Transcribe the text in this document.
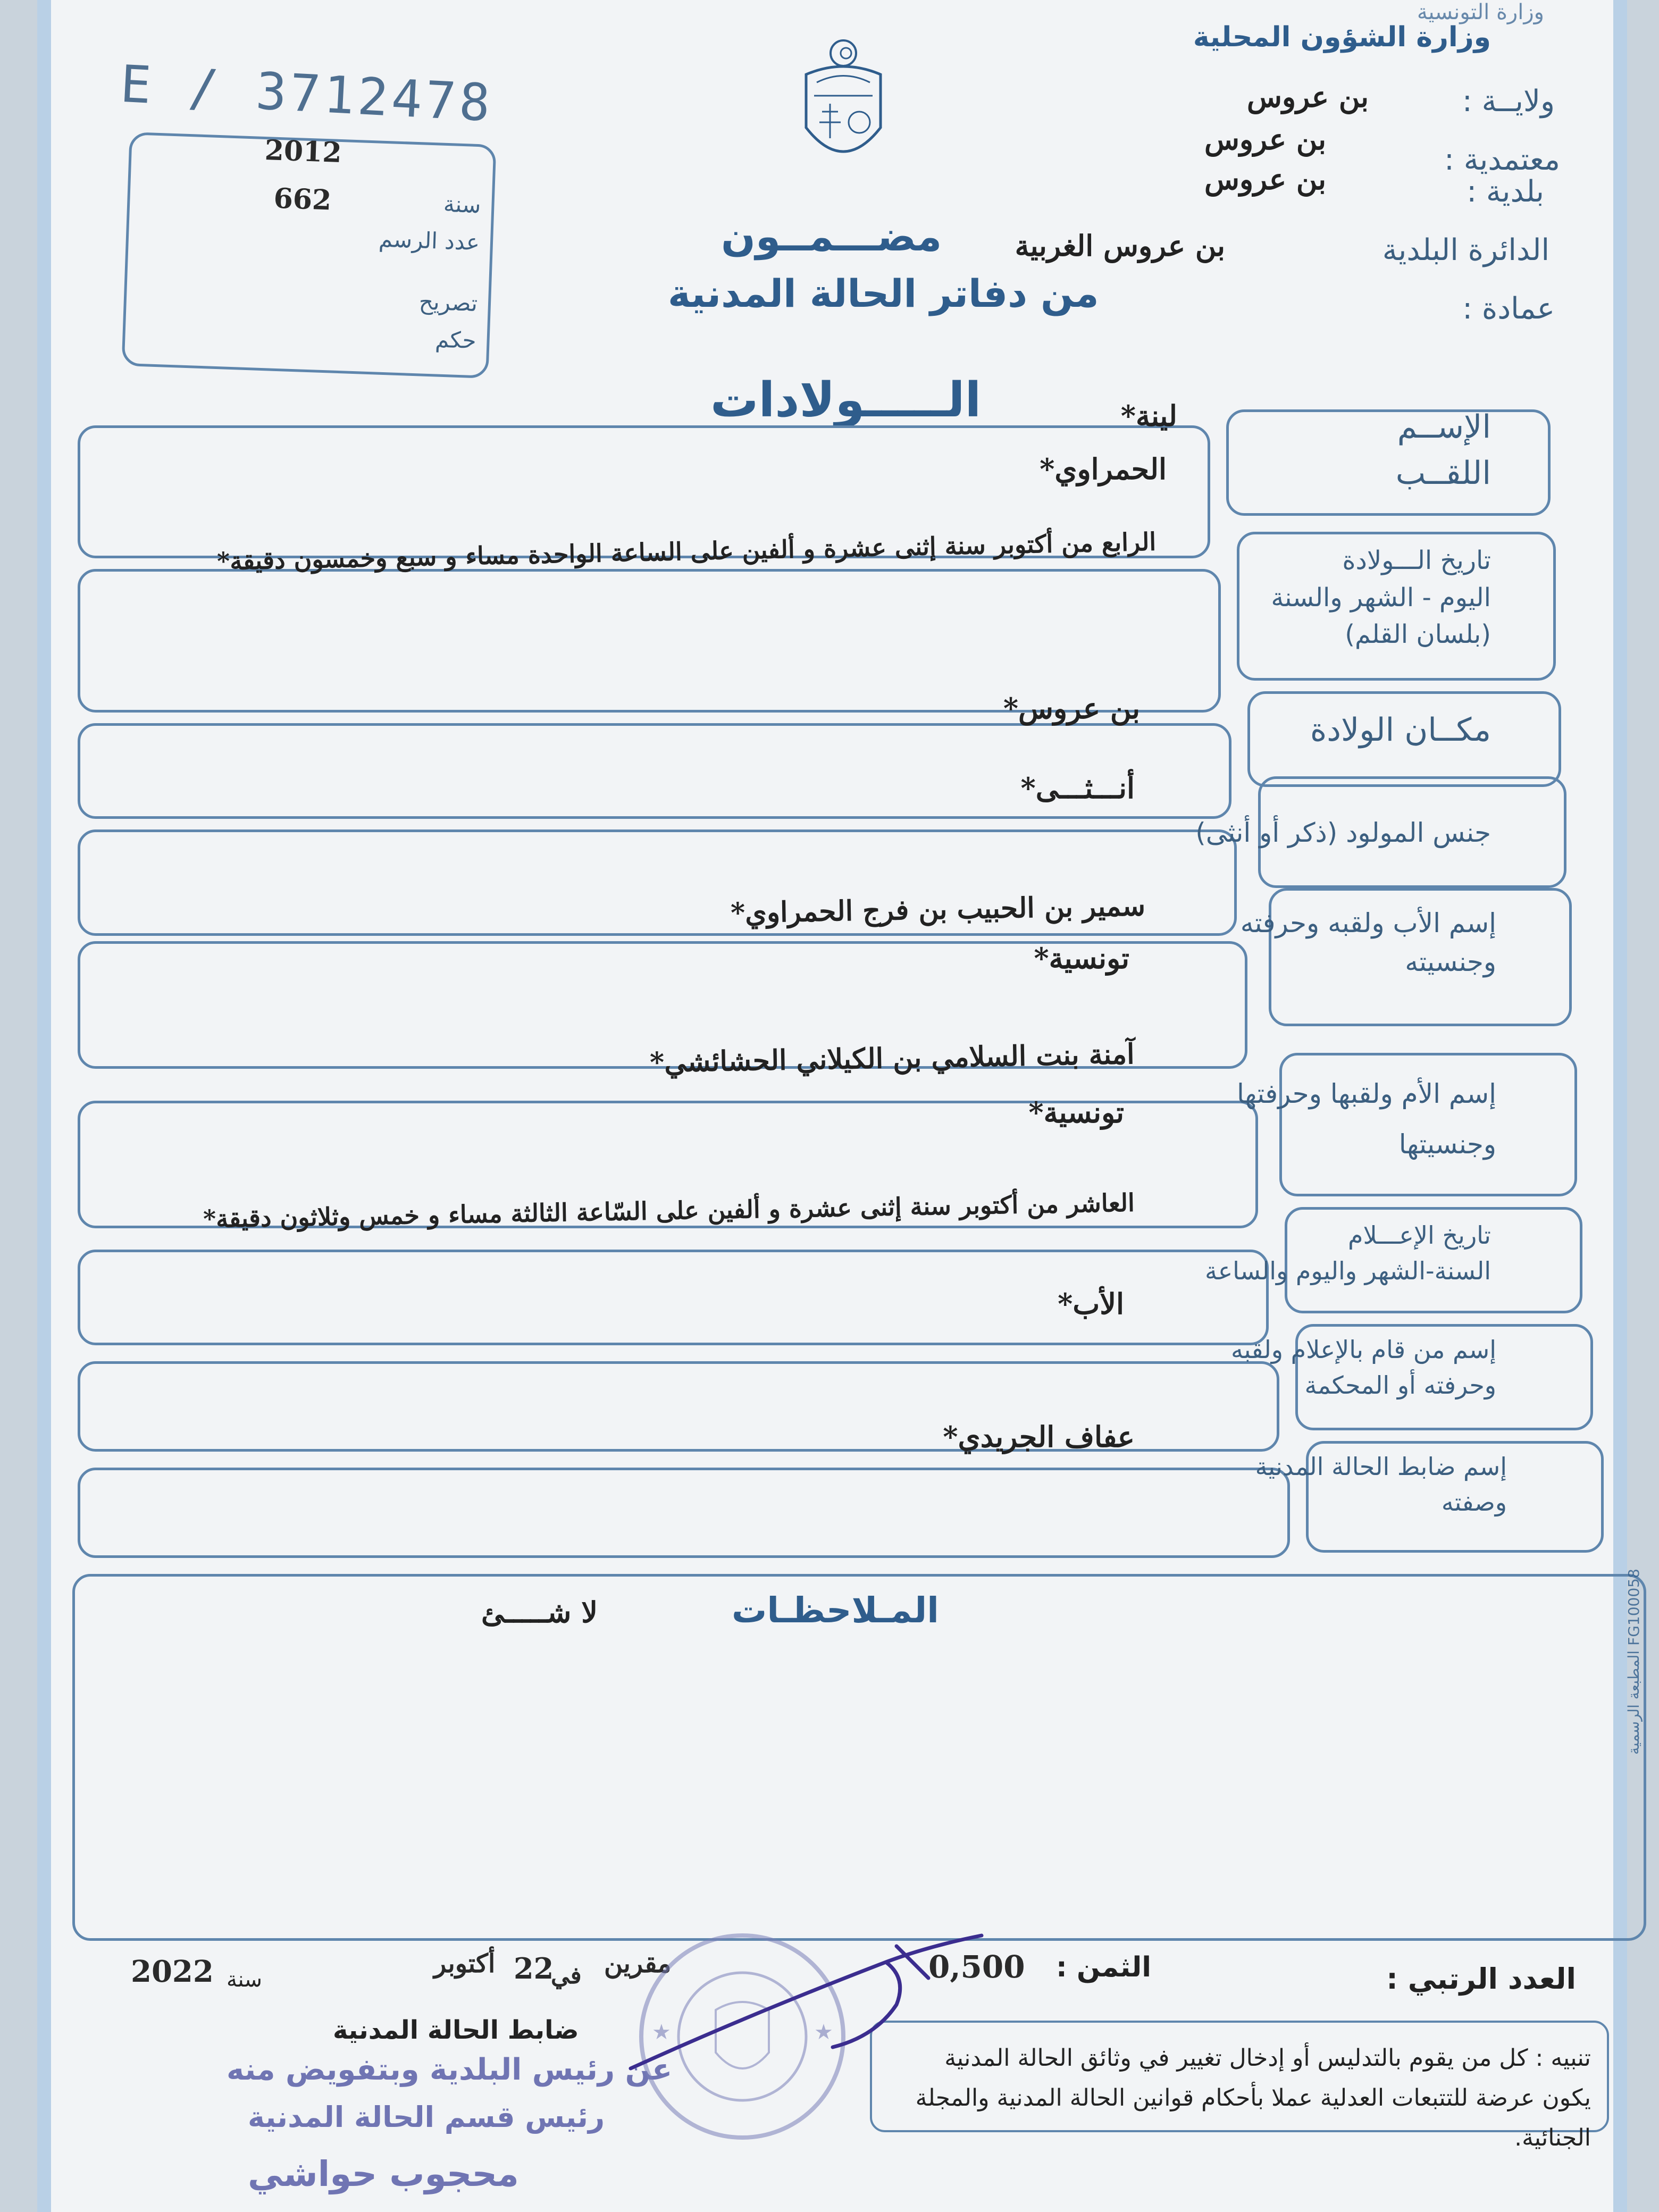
وزارة التونسية
وزارة الشؤون المحلية
ولايــة :
بن عروس
معتمدية :
بن عروس
بلدية :
بن عروس
الدائرة البلدية
بن عروس الغربية
عمادة :
E / 3712478
2012
662	سنة
عدد الرسم
تصريح
حكم
مضـــمــون
من دفاتر الحالة المدنية
الـــــولادات	الإســم
اللقــب
لينة*
الحمراوي*
تاريخ الـــولادة
اليوم - الشهر والسنة
(بلسان القلم)
الرابع من أكتوبر سنة إثنى عشرة و ألفين على الساعة الواحدة مساء و سبع وخمسون دقيقة*
مكــان الولادة
بن عروس*
جنس المولود (ذكر أو أنثى)
أنـــثـــى*
إسم الأب ولقبه وحرفته
وجنسيته
سمير بن الحبيب بن فرج الحمراوي*
تونسية*
إسم الأم ولقبها وحرفتها
وجنسيتها
آمنة بنت السلامي بن الكيلاني الحشائشي*
تونسية*
تاريخ الإعـــلام
السنة-الشهر واليوم والساعة
العاشر من أكتوبر سنة إثنى عشرة و ألفين على السّاعة الثالثة مساء و خمس وثلاثون دقيقة*
إسم من قام بالإعلام ولقبه
وحرفته أو المحكمة
الأب*
إسم ضابط الحالة المدنية
وصفته
عفاف الجريدي*
المـلاحظـات
لا شـــــئ
المطبعة الرسمية FG100058
العدد الرتبي :
الثمن :
0,500
مقرين
في
22
أكتوبر
سنة
2022
تنبيه : كل من يقوم بالتدليس أو إدخال تغيير في وثائق الحالة المدنية يكون عرضة للتتبعات العدلية عملا بأحكام قوانين الحالة المدنية والمجلة الجنائية.
ضابط الحالة المدنية
عن رئيس البلدية وبتفويض منه
رئيس قسم الحالة المدنية
محجوب حواشي
★	★
